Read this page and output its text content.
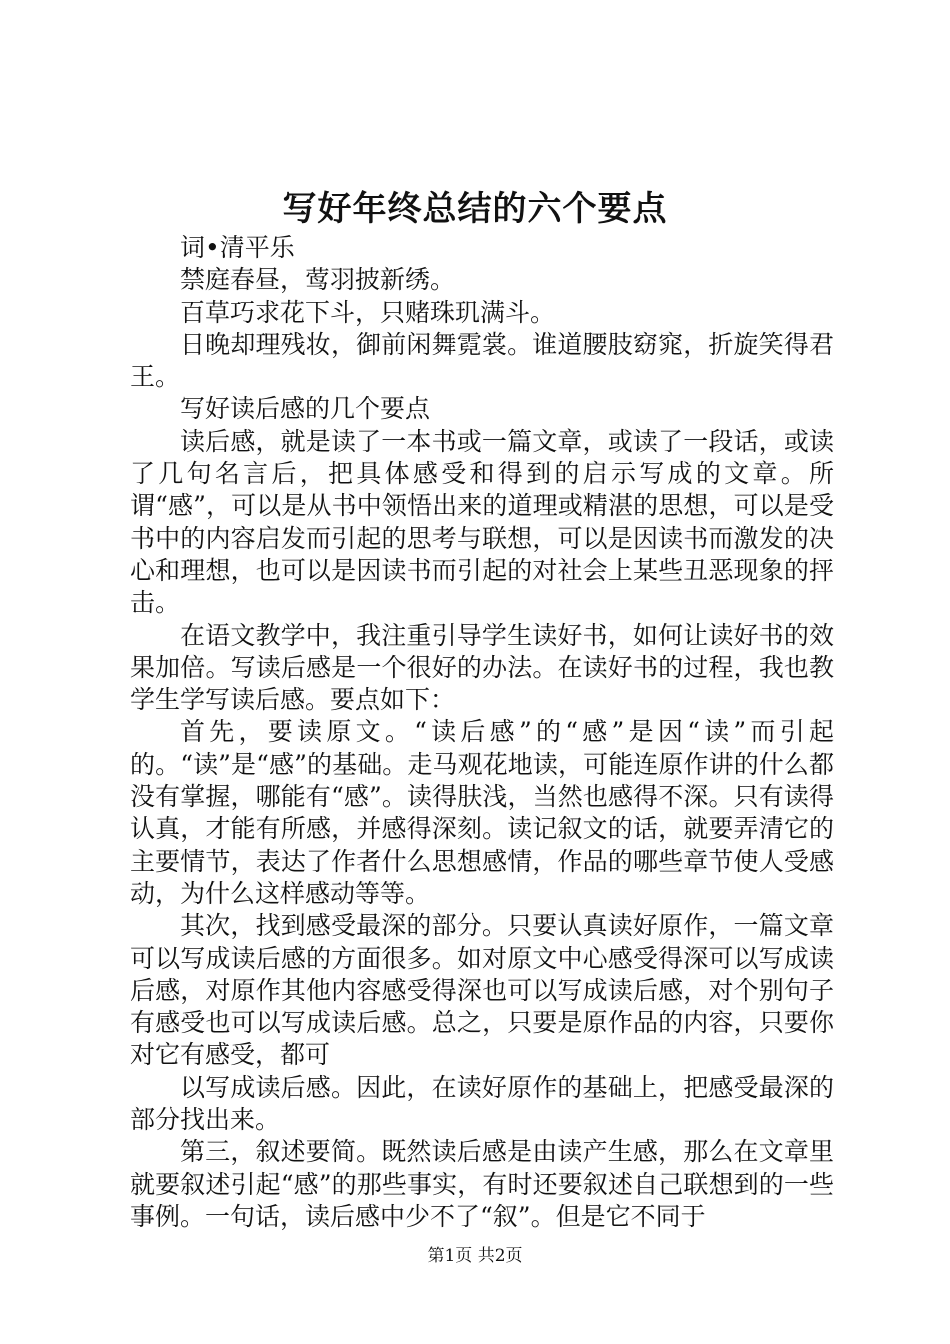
写好年终总结的六个要点

词•清平乐

禁庭春昼，莺羽披新绣。

百草巧求花下斗，只赌珠玑满斗。

日晚却理残妆，御前闲舞霓裳。谁道腰肢窈窕，折旋笑得君王。

写好读后感的几个要点

读后感，就是读了一本书或一篇文章，或读了一段话，或读了几句名言后，把具体感受和得到的启示写成的文章。所谓“感”，可以是从书中领悟出来的道理或精湛的思想，可以是受书中的内容启发而引起的思考与联想，可以是因读书而激发的决心和理想，也可以是因读书而引起的对社会上某些丑恶现象的抨击。

在语文教学中，我注重引导学生读好书，如何让读好书的效果加倍。写读后感是一个很好的办法。在读好书的过程，我也教学生学写读后感。要点如下：

首先，要读原文。“读后感”的“感”是因“读”而引起的。“读”是“感”的基础。走马观花地读，可能连原作讲的什么都没有掌握，哪能有“感”。读得肤浅，当然也感得不深。只有读得认真，才能有所感，并感得深刻。读记叙文的话，就要弄清它的主要情节，表达了作者什么思想感情，作品的哪些章节使人受感动，为什么这样感动等等。

其次，找到感受最深的部分。只要认真读好原作，一篇文章可以写成读后感的方面很多。如对原文中心感受得深可以写成读后感，对原作其他内容感受得深也可以写成读后感，对个别句子有感受也可以写成读后感。总之，只要是原作品的内容，只要你对它有感受，都可

以写成读后感。因此，在读好原作的基础上，把感受最深的部分找出来。

第三，叙述要简。既然读后感是由读产生感，那么在文章里就要叙述引起“感”的那些事实，有时还要叙述自己联想到的一些事例。一句话，读后感中少不了“叙”。但是它不同于

第1页 共2页
